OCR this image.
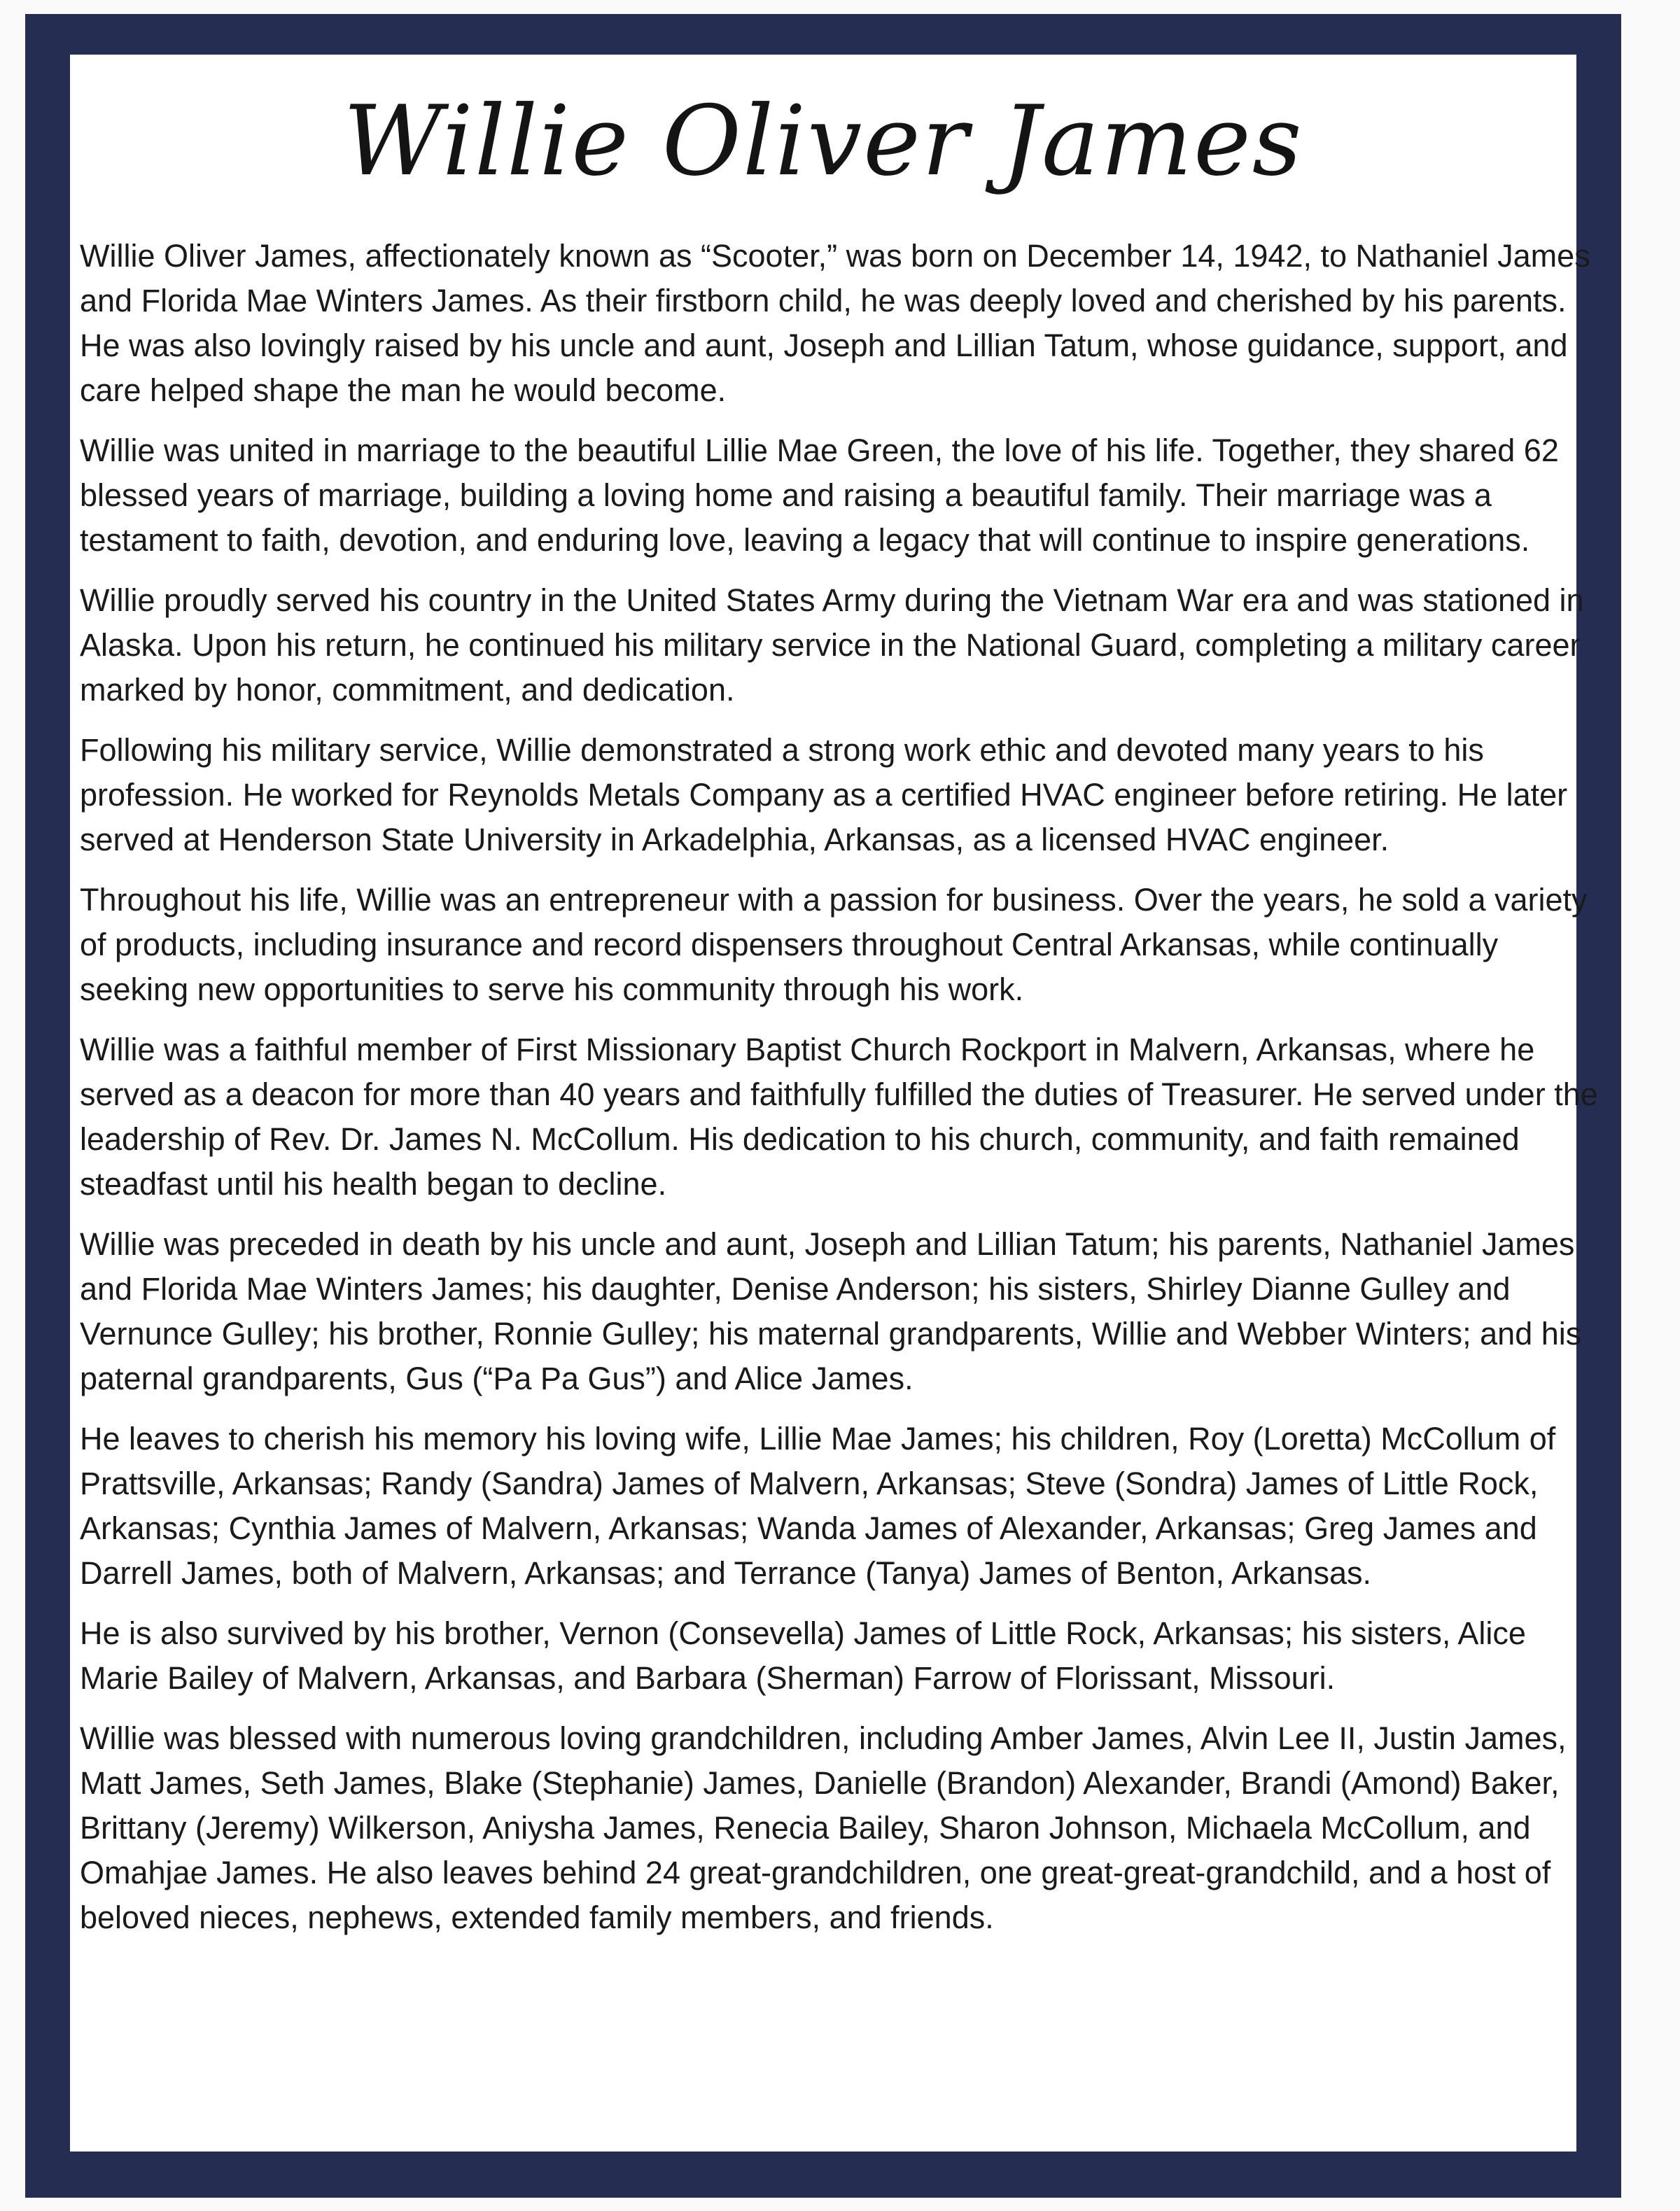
Willie Oliver James

Willie Oliver James, affectionately known as “Scooter,” was born on December 14, 1942, to Nathaniel James and Florida Mae Winters James. As their firstborn child, he was deeply loved and cherished by his parents. He was also lovingly raised by his uncle and aunt, Joseph and Lillian Tatum, whose guidance, support, and care helped shape the man he would become.

Willie was united in marriage to the beautiful Lillie Mae Green, the love of his life. Together, they shared 62 blessed years of marriage, building a loving home and raising a beautiful family. Their marriage was a testament to faith, devotion, and enduring love, leaving a legacy that will continue to inspire generations.

Willie proudly served his country in the United States Army during the Vietnam War era and was stationed in Alaska. Upon his return, he continued his military service in the National Guard, completing a military career marked by honor, commitment, and dedication.

Following his military service, Willie demonstrated a strong work ethic and devoted many years to his profession. He worked for Reynolds Metals Company as a certified HVAC engineer before retiring. He later served at Henderson State University in Arkadelphia, Arkansas, as a licensed HVAC engineer.

Throughout his life, Willie was an entrepreneur with a passion for business. Over the years, he sold a variety of products, including insurance and record dispensers throughout Central Arkansas, while continually seeking new opportunities to serve his community through his work.

Willie was a faithful member of First Missionary Baptist Church Rockport in Malvern, Arkansas, where he served as a deacon for more than 40 years and faithfully fulfilled the duties of Treasurer. He served under the leadership of Rev. Dr. James N. McCollum. His dedication to his church, community, and faith remained steadfast until his health began to decline.

Willie was preceded in death by his uncle and aunt, Joseph and Lillian Tatum; his parents, Nathaniel James and Florida Mae Winters James; his daughter, Denise Anderson; his sisters, Shirley Dianne Gulley and Vernunce Gulley; his brother, Ronnie Gulley; his maternal grandparents, Willie and Webber Winters; and his paternal grandparents, Gus (“Pa Pa Gus”) and Alice James.

He leaves to cherish his memory his loving wife, Lillie Mae James; his children, Roy (Loretta) McCollum of Prattsville, Arkansas; Randy (Sandra) James of Malvern, Arkansas; Steve (Sondra) James of Little Rock, Arkansas; Cynthia James of Malvern, Arkansas; Wanda James of Alexander, Arkansas; Greg James and Darrell James, both of Malvern, Arkansas; and Terrance (Tanya) James of Benton, Arkansas.

He is also survived by his brother, Vernon (Consevella) James of Little Rock, Arkansas; his sisters, Alice Marie Bailey of Malvern, Arkansas, and Barbara (Sherman) Farrow of Florissant, Missouri.

Willie was blessed with numerous loving grandchildren, including Amber James, Alvin Lee II, Justin James, Matt James, Seth James, Blake (Stephanie) James, Danielle (Brandon) Alexander, Brandi (Amond) Baker, Brittany (Jeremy) Wilkerson, Aniysha James, Renecia Bailey, Sharon Johnson, Michaela McCollum, and Omahjae James. He also leaves behind 24 great-grandchildren, one great-great-grandchild, and a host of beloved nieces, nephews, extended family members, and friends.
